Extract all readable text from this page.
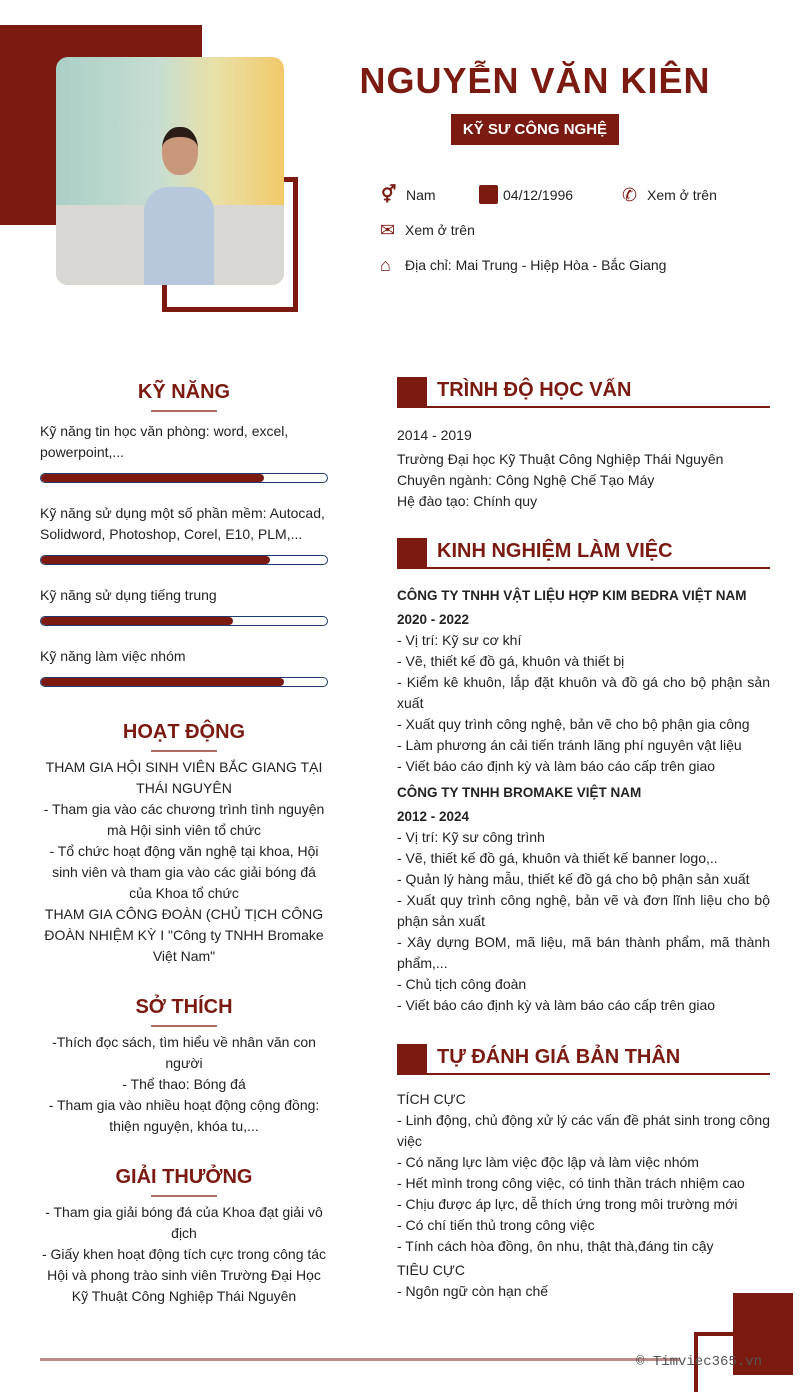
NGUYỄN VĂN KIÊN
KỸ SƯ CÔNG NGHỆ
⚥ Nam	04/12/1996	✆ Xem ở trên
✉ Xem ở trên
⌂	Địa chỉ: Mai Trung - Hiệp Hòa - Bắc Giang
KỸ NĂNG
Kỹ năng tin học văn phòng: word, excel, powerpoint,...
Kỹ năng sử dụng một số phần mềm: Autocad, Solidword, Photoshop, Corel, E10, PLM,...
Kỹ năng sử dụng tiếng trung
Kỹ năng làm việc nhóm
HOẠT ĐỘNG
THAM GIA HỘI SINH VIÊN BẮC GIANG TẠI THÁI NGUYÊN
- Tham gia vào các chương trình tình nguyện mà Hội sinh viên tổ chức
- Tổ chức hoạt động văn nghệ tại khoa, Hội sinh viên và tham gia vào các giải bóng đá của Khoa tổ chức
THAM GIA CÔNG ĐOÀN (CHỦ TỊCH CÔNG ĐOÀN NHIỆM KỲ I "Công ty TNHH Bromake Việt Nam"
SỞ THÍCH
-Thích đọc sách, tìm hiểu về nhân văn con người
- Thể thao: Bóng đá
- Tham gia vào nhiều hoạt động cộng đồng: thiện nguyện, khóa tu,...
GIẢI THƯỞNG
- Tham gia giải bóng đá của Khoa đạt giải vô địch
- Giấy khen hoạt động tích cực trong công tác Hội và phong trào sinh viên Trường Đại Học Kỹ Thuật Công Nghiệp Thái Nguyên
TRÌNH ĐỘ HỌC VẤN
2014 - 2019
Trường Đại học Kỹ Thuật Công Nghiệp Thái Nguyên
Chuyên ngành: Công Nghệ Chế Tạo Máy
Hệ đào tạo: Chính quy
KINH NGHIỆM LÀM VIỆC
CÔNG TY TNHH VẬT LIỆU HỢP KIM BEDRA VIỆT NAM
2020 - 2022
- Vị trí: Kỹ sư cơ khí
- Vẽ, thiết kế đồ gá, khuôn và thiết bị
- Kiểm kê khuôn, lắp đặt khuôn và đồ gá cho bộ phận sản xuất
- Xuất quy trình công nghệ, bản vẽ cho bộ phận gia công
- Làm phương án cải tiến tránh lãng phí nguyên vật liệu
- Viết báo cáo định kỳ và làm báo cáo cấp trên giao
CÔNG TY TNHH BROMAKE VIỆT NAM
2012 - 2024
- Vị trí: Kỹ sư công trình
- Vẽ, thiết kế đồ gá, khuôn và thiết kế banner logo,..
- Quản lý hàng mẫu, thiết kế đồ gá cho bộ phận sản xuất
- Xuất quy trình công nghệ, bản vẽ và đơn lĩnh liệu cho bộ phận sản xuất
- Xây dựng BOM, mã liệu, mã bán thành phẩm, mã thành phẩm,...
- Chủ tịch công đoàn
- Viết báo cáo định kỳ và làm báo cáo cấp trên giao
TỰ ĐÁNH GIÁ BẢN THÂN
TÍCH CỰC
- Linh động, chủ động xử lý các vấn đề phát sinh trong công việc
- Có năng lực làm việc độc lập và làm việc nhóm
- Hết mình trong công việc, có tinh thần trách nhiệm cao
- Chịu được áp lực, dễ thích ứng trong môi trường mới
- Có chí tiến thủ trong công việc
- Tính cách hòa đồng, ôn nhu, thật thà,đáng tin cậy
TIÊU CỰC
- Ngôn ngữ còn hạn chế
© Timviec365.vn
